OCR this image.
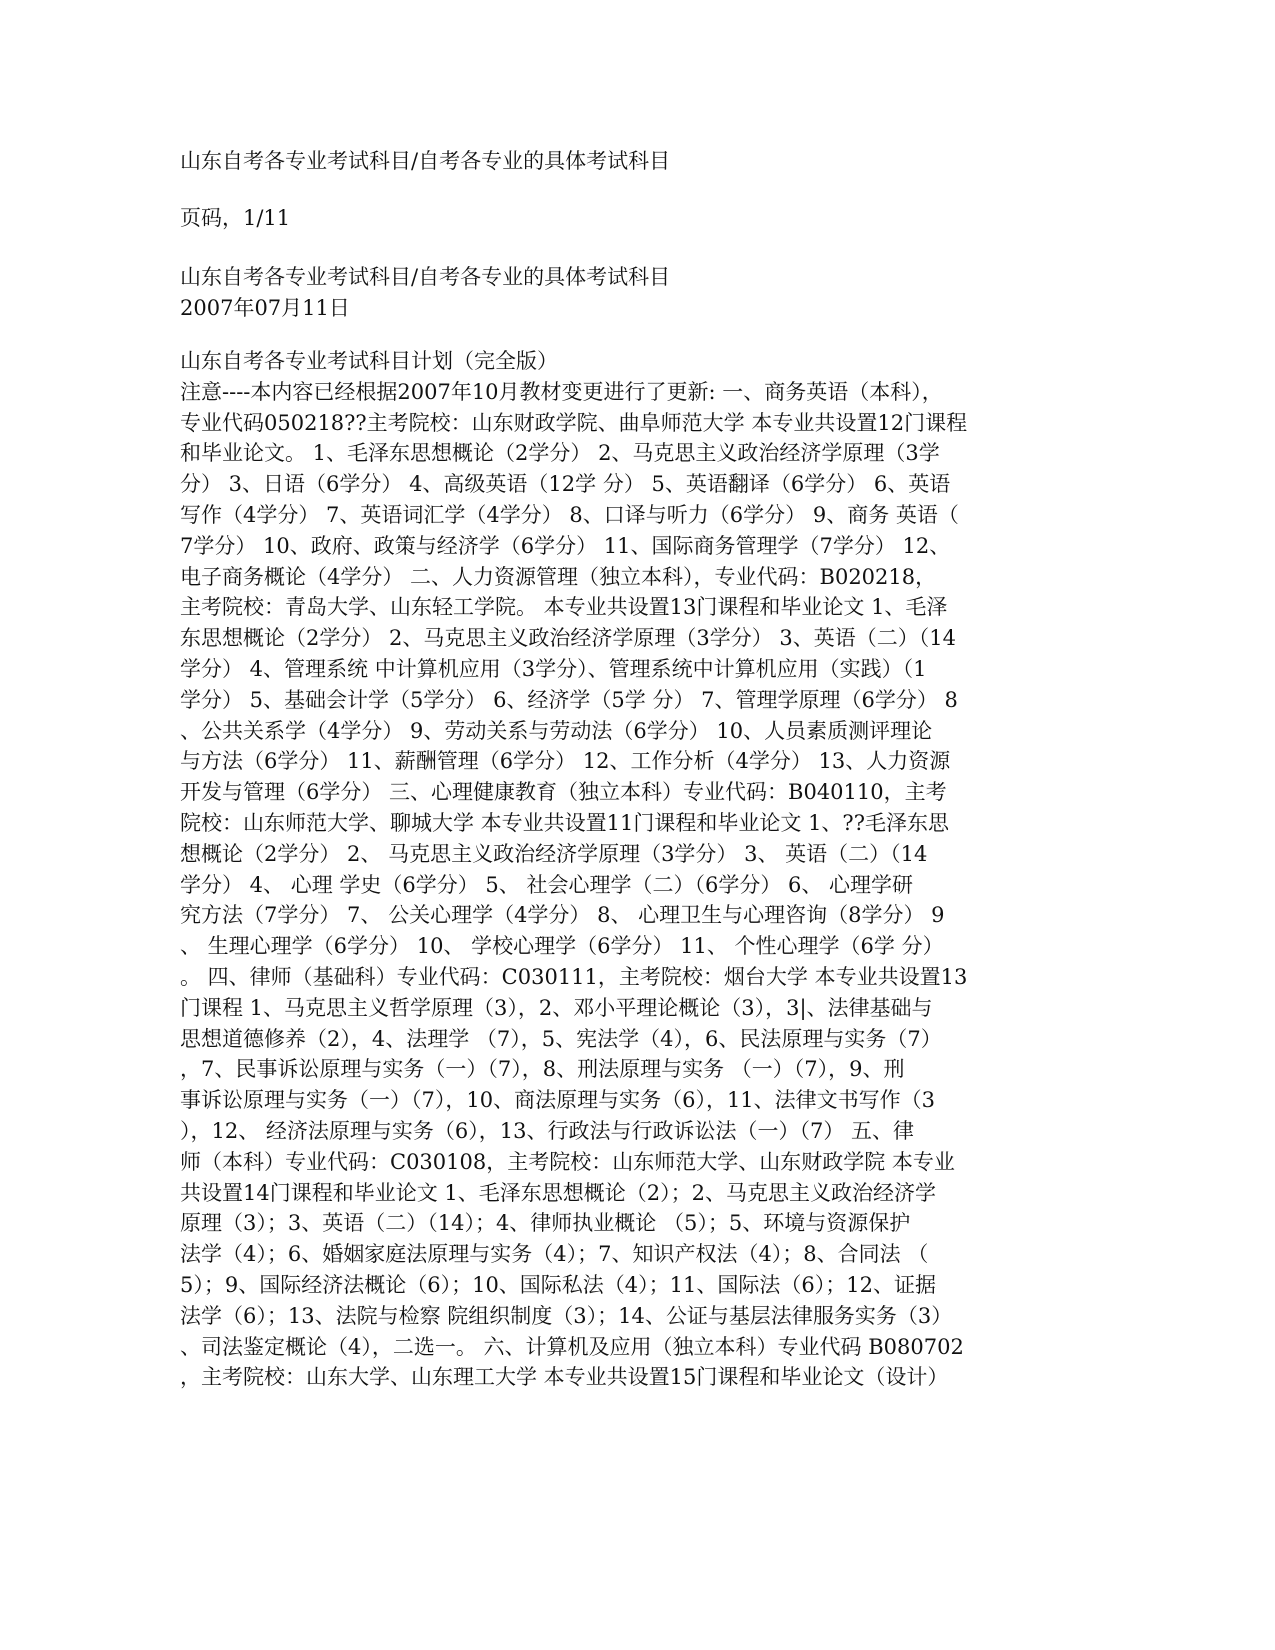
山东自考各专业考试科目/自考各专业的具体考试科目
页码，1/11
山东自考各专业考试科目/自考各专业的具体考试科目
2007年07月11日
山东自考各专业考试科目计划（完全版）
注意----本内容已经根据2007年10月教材变更进行了更新: 一、商务英语（本科），
专业代码050218??主考院校：山东财政学院、曲阜师范大学 本专业共设置12门课程
和毕业论文。 1、毛泽东思想概论（2学分） 2、马克思主义政治经济学原理（3学
分） 3、日语（6学分） 4、高级英语（12学 分） 5、英语翻译（6学分） 6、英语
写作（4学分） 7、英语词汇学（4学分） 8、口译与听力（6学分） 9、商务 英语（
7学分） 10、政府、政策与经济学（6学分） 11、国际商务管理学（7学分） 12、
电子商务概论（4学分） 二、人力资源管理（独立本科），专业代码：B020218，
主考院校：青岛大学、山东轻工学院。 本专业共设置13门课程和毕业论文 1、毛泽
东思想概论（2学分） 2、马克思主义政治经济学原理（3学分） 3、英语（二）（14
学分） 4、管理系统 中计算机应用（3学分）、管理系统中计算机应用（实践）（1
学分） 5、基础会计学（5学分） 6、经济学（5学 分） 7、管理学原理（6学分） 8
、公共关系学（4学分） 9、劳动关系与劳动法（6学分） 10、人员素质测评理论
与方法（6学分） 11、薪酬管理（6学分） 12、工作分析（4学分） 13、人力资源
开发与管理（6学分） 三、心理健康教育（独立本科）专业代码：B040110，主考
院校：山东师范大学、聊城大学 本专业共设置11门课程和毕业论文 1、??毛泽东思
想概论（2学分） 2、 马克思主义政治经济学原理（3学分） 3、 英语（二）（14
学分） 4、 心理 学史（6学分） 5、 社会心理学（二）（6学分） 6、 心理学研
究方法（7学分） 7、 公关心理学（4学分） 8、 心理卫生与心理咨询（8学分） 9
、 生理心理学（6学分） 10、 学校心理学（6学分） 11、 个性心理学（6学 分）
。 四、律师（基础科）专业代码：C030111，主考院校：烟台大学 本专业共设置13
门课程 1、马克思主义哲学原理（3），2、邓小平理论概论（3），3|、法律基础与
思想道德修养（2），4、法理学 （7），5、宪法学（4），6、民法原理与实务（7）
，7、民事诉讼原理与实务（一）（7），8、刑法原理与实务 （一）（7），9、刑
事诉讼原理与实务（一）（7），10、商法原理与实务（6），11、法律文书写作（3
），12、 经济法原理与实务（6），13、行政法与行政诉讼法（一）（7） 五、律
师（本科）专业代码：C030108，主考院校：山东师范大学、山东财政学院 本专业
共设置14门课程和毕业论文 1、毛泽东思想概论（2）；2、马克思主义政治经济学
原理（3）；3、英语（二）（14）；4、律师执业概论 （5）；5、环境与资源保护
法学（4）；6、婚姻家庭法原理与实务（4）；7、知识产权法（4）；8、合同法 （
5）；9、国际经济法概论（6）；10、国际私法（4）；11、国际法（6）；12、证据
法学（6）；13、法院与检察 院组织制度（3）；14、公证与基层法律服务实务（3）
、司法鉴定概论（4），二选一。 六、计算机及应用（独立本科）专业代码 B080702
，主考院校：山东大学、山东理工大学 本专业共设置15门课程和毕业论文（设计）
